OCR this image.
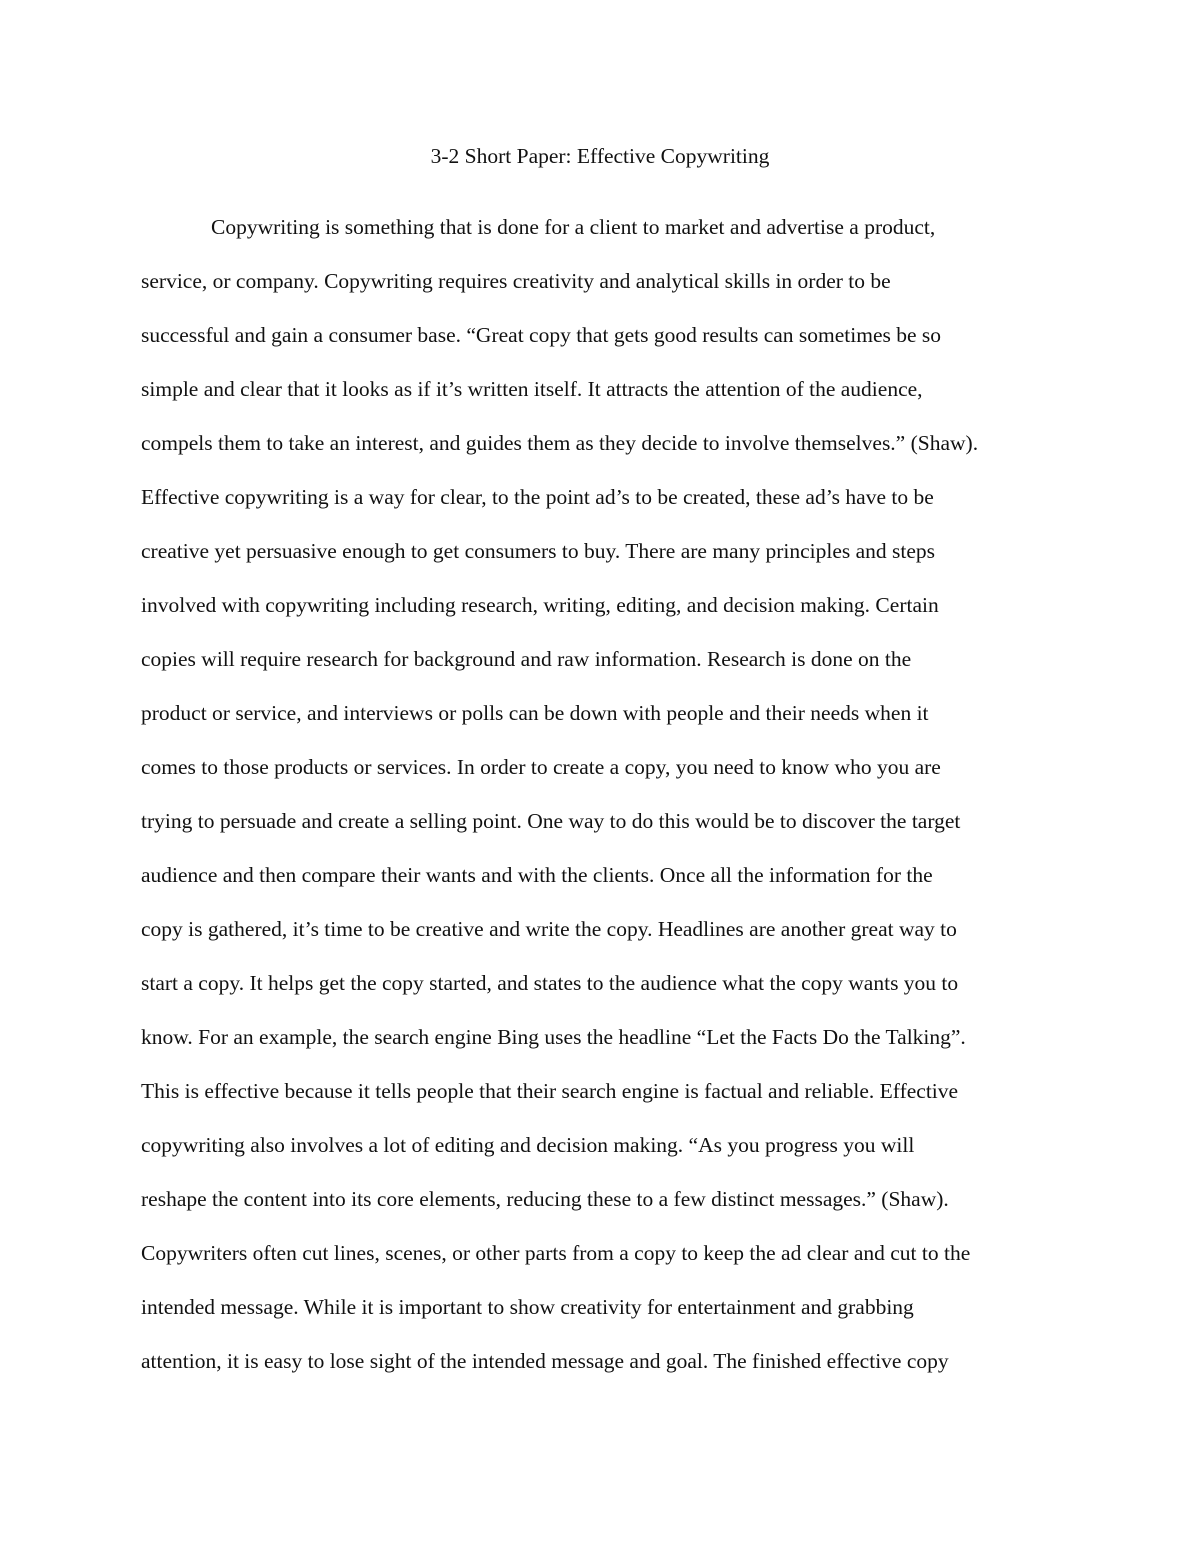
3-2 Short Paper: Effective Copywriting
Copywriting is something that is done for a client to market and advertise a product,
service, or company. Copywriting requires creativity and analytical skills in order to be
successful and gain a consumer base. “Great copy that gets good results can sometimes be so
simple and clear that it looks as if it’s written itself. It attracts the attention of the audience,
compels them to take an interest, and guides them as they decide to involve themselves.” (Shaw).
Effective copywriting is a way for clear, to the point ad’s to be created, these ad’s have to be
creative yet persuasive enough to get consumers to buy. There are many principles and steps
involved with copywriting including research, writing, editing, and decision making. Certain
copies will require research for background and raw information. Research is done on the
product or service, and interviews or polls can be down with people and their needs when it
comes to those products or services. In order to create a copy, you need to know who you are
trying to persuade and create a selling point. One way to do this would be to discover the target
audience and then compare their wants and with the clients. Once all the information for the
copy is gathered, it’s time to be creative and write the copy. Headlines are another great way to
start a copy. It helps get the copy started, and states to the audience what the copy wants you to
know. For an example, the search engine Bing uses the headline “Let the Facts Do the Talking”.
This is effective because it tells people that their search engine is factual and reliable. Effective
copywriting also involves a lot of editing and decision making. “As you progress you will
reshape the content into its core elements, reducing these to a few distinct messages.” (Shaw).
Copywriters often cut lines, scenes, or other parts from a copy to keep the ad clear and cut to the
intended message. While it is important to show creativity for entertainment and grabbing
attention, it is easy to lose sight of the intended message and goal. The finished effective copy
